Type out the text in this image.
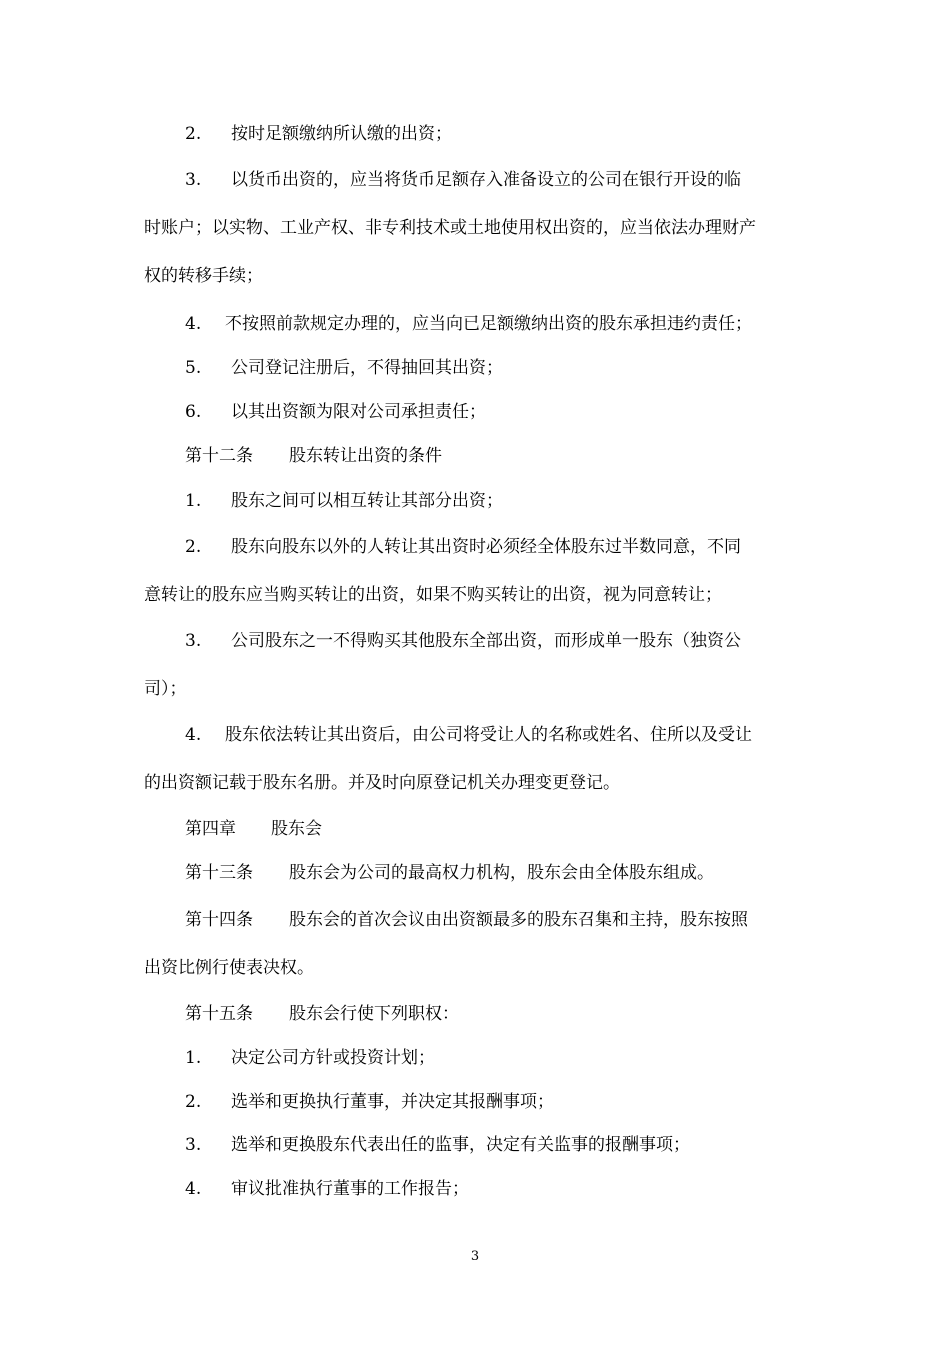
2. 按时足额缴纳所认缴的出资；
3. 以货币出资的，应当将货币足额存入准备设立的公司在银行开设的临
时账户；以实物、工业产权、非专利技术或土地使用权出资的，应当依法办理财产
权的转移手续；
4. 不按照前款规定办理的，应当向已足额缴纳出资的股东承担违约责任；
5. 公司登记注册后，不得抽回其出资；
6. 以其出资额为限对公司承担责任；
第十二条 股东转让出资的条件
1. 股东之间可以相互转让其部分出资；
2. 股东向股东以外的人转让其出资时必须经全体股东过半数同意，不同
意转让的股东应当购买转让的出资，如果不购买转让的出资，视为同意转让；
3. 公司股东之一不得购买其他股东全部出资，而形成单一股东（独资公
司）；
4. 股东依法转让其出资后，由公司将受让人的名称或姓名、住所以及受让
的出资额记载于股东名册。并及时向原登记机关办理变更登记。
第四章 股东会
第十三条 股东会为公司的最高权力机构，股东会由全体股东组成。
第十四条 股东会的首次会议由出资额最多的股东召集和主持，股东按照
出资比例行使表决权。
第十五条 股东会行使下列职权：
1. 决定公司方针或投资计划；
2. 选举和更换执行董事，并决定其报酬事项；
3. 选举和更换股东代表出任的监事，决定有关监事的报酬事项；
4. 审议批准执行董事的工作报告；
3
